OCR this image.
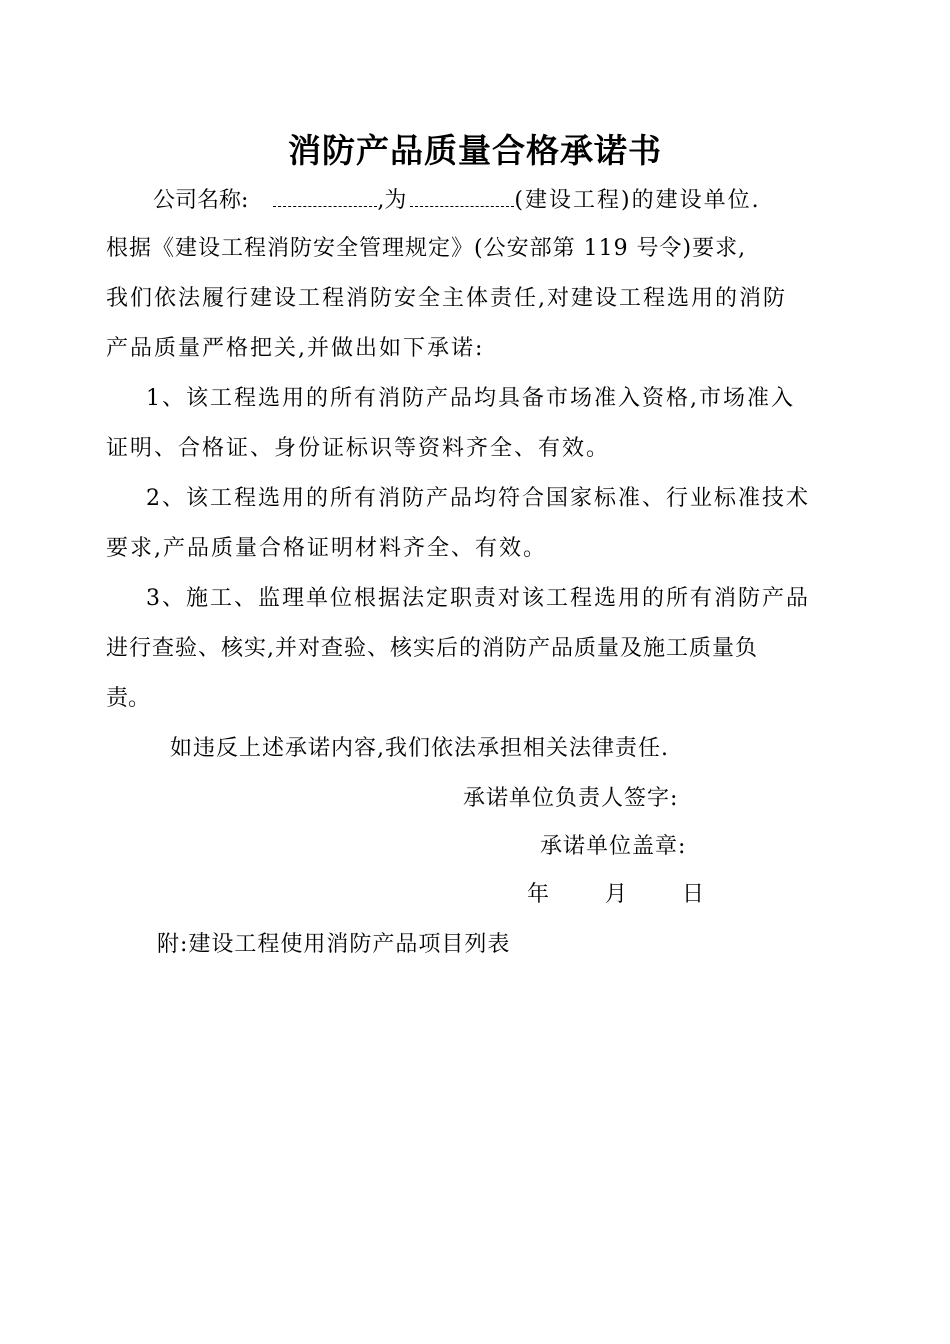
消防产品质量合格承诺书
公司名称:	,为	(建设工程)的建设单位.
根据《建设工程消防安全管理规定》(公安部第 119 号令)要求,
我们依法履行建设工程消防安全主体责任,对建设工程选用的消防
产品质量严格把关,并做出如下承诺:
1、该工程选用的所有消防产品均具备市场准入资格,市场准入
证明、合格证、身份证标识等资料齐全、有效。
2、该工程选用的所有消防产品均符合国家标准、行业标准技术
要求,产品质量合格证明材料齐全、有效。
3、施工、监理单位根据法定职责对该工程选用的所有消防产品
进行查验、核实,并对查验、核实后的消防产品质量及施工质量负
责。
如违反上述承诺内容,我们依法承担相关法律责任.
承诺单位负责人签字:
承诺单位盖章:
年	月 日
附:建设工程使用消防产品项目列表
